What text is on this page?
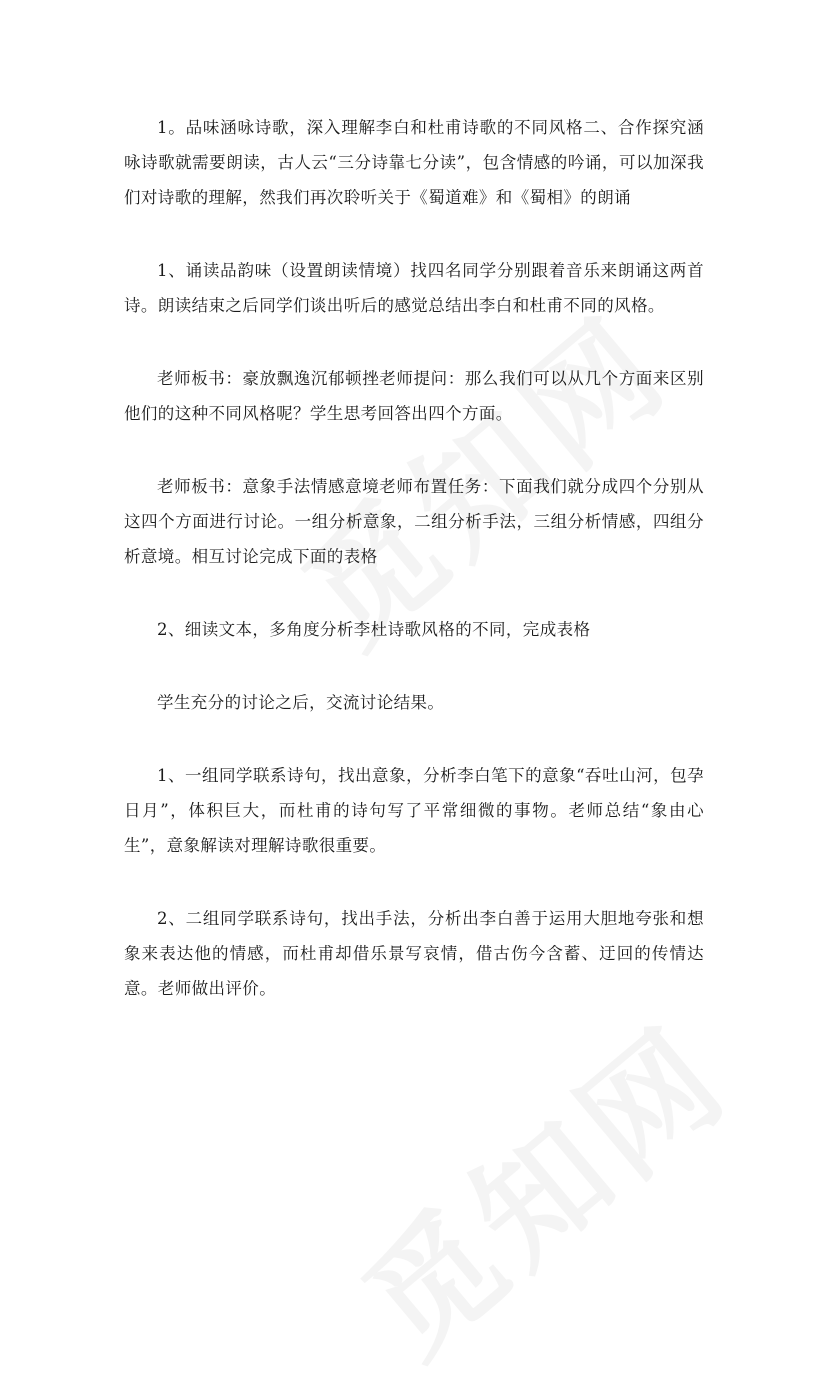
1。品味涵咏诗歌，深入理解李白和杜甫诗歌的不同风格二、合作探究涵咏诗歌就需要朗读，古人云“三分诗靠七分读”，包含情感的吟诵，可以加深我们对诗歌的理解，然我们再次聆听关于《蜀道难》和《蜀相》的朗诵

1、诵读品韵味（设置朗读情境）找四名同学分别跟着音乐来朗诵这两首诗。朗读结束之后同学们谈出听后的感觉总结出李白和杜甫不同的风格。

老师板书：豪放飘逸沉郁顿挫老师提问：那么我们可以从几个方面来区别他们的这种不同风格呢？学生思考回答出四个方面。

老师板书：意象手法情感意境老师布置任务：下面我们就分成四个分别从这四个方面进行讨论。一组分析意象，二组分析手法，三组分析情感，四组分析意境。相互讨论完成下面的表格

2、细读文本，多角度分析李杜诗歌风格的不同，完成表格

学生充分的讨论之后，交流讨论结果。

1、一组同学联系诗句，找出意象，分析李白笔下的意象“吞吐山河，包孕日月”，体积巨大，而杜甫的诗句写了平常细微的事物。老师总结“象由心生”，意象解读对理解诗歌很重要。

2、二组同学联系诗句，找出手法，分析出李白善于运用大胆地夸张和想象来表达他的情感，而杜甫却借乐景写哀情，借古伤今含蓄、迂回的传情达意。老师做出评价。
